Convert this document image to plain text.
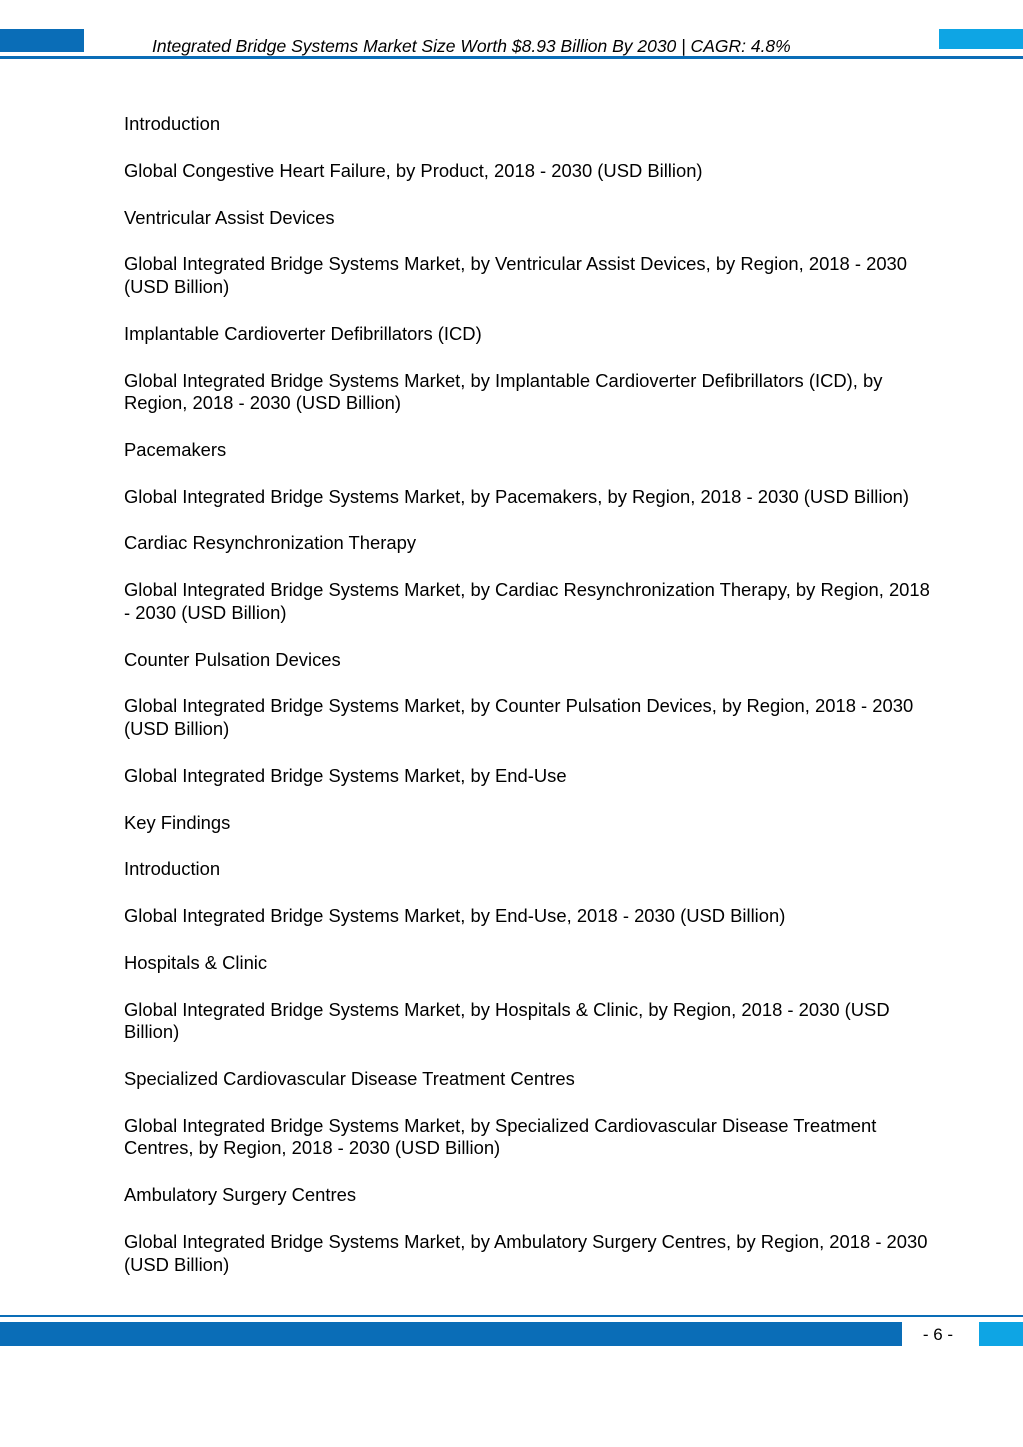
Integrated Bridge Systems Market Size Worth $8.93 Billion By 2030 | CAGR: 4.8%

Introduction

Global Congestive Heart Failure, by Product, 2018 - 2030 (USD Billion)

Ventricular Assist Devices

Global Integrated Bridge Systems Market, by Ventricular Assist Devices, by Region, 2018 - 2030 (USD Billion)

Implantable Cardioverter Defibrillators (ICD)

Global Integrated Bridge Systems Market, by Implantable Cardioverter Defibrillators (ICD), by Region, 2018 - 2030 (USD Billion)

Pacemakers

Global Integrated Bridge Systems Market, by Pacemakers, by Region, 2018 - 2030 (USD Billion)

Cardiac Resynchronization Therapy

Global Integrated Bridge Systems Market, by Cardiac Resynchronization Therapy, by Region, 2018 - 2030 (USD Billion)

Counter Pulsation Devices

Global Integrated Bridge Systems Market, by Counter Pulsation Devices, by Region, 2018 - 2030 (USD Billion)

Global Integrated Bridge Systems Market, by End-Use

Key Findings

Introduction

Global Integrated Bridge Systems Market, by End-Use, 2018 - 2030 (USD Billion)

Hospitals & Clinic

Global Integrated Bridge Systems Market, by Hospitals & Clinic, by Region, 2018 - 2030 (USD Billion)

Specialized Cardiovascular Disease Treatment Centres

Global Integrated Bridge Systems Market, by Specialized Cardiovascular Disease Treatment Centres, by Region, 2018 - 2030 (USD Billion)

Ambulatory Surgery Centres

Global Integrated Bridge Systems Market, by Ambulatory Surgery Centres, by Region, 2018 - 2030 (USD Billion)

- 6 -
